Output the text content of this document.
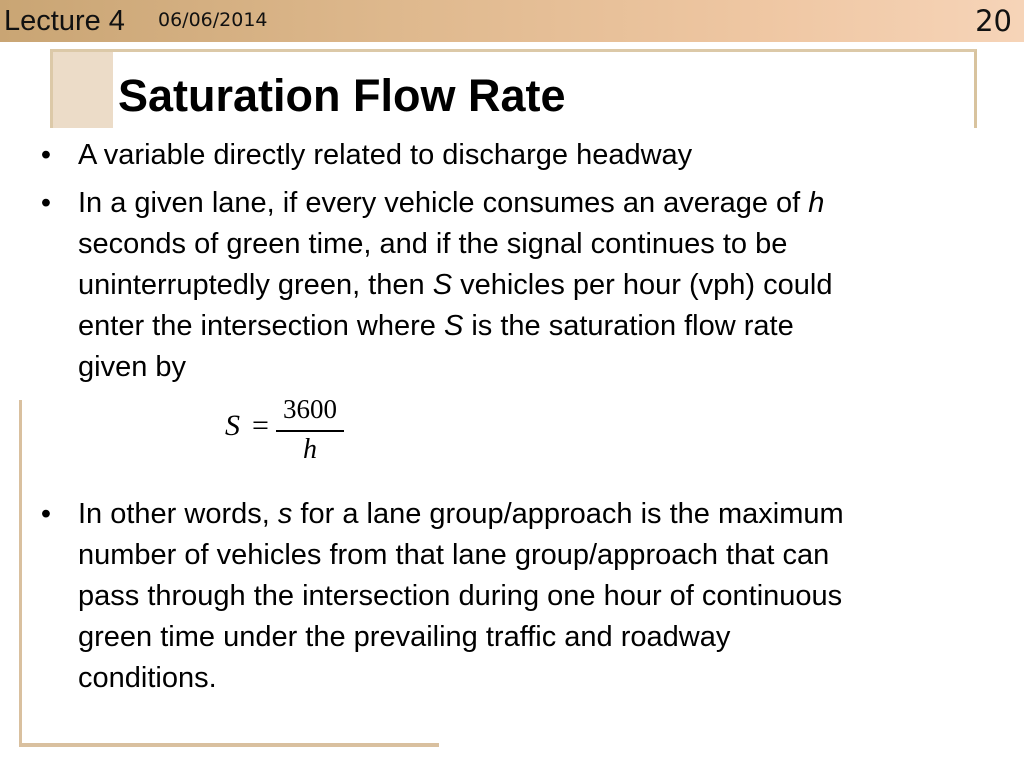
Lecture 4 06/06/2014	20
Saturation Flow Rate
• A variable directly related to discharge headway
• In a given lane, if every vehicle consumes an average of h
seconds of green time, and if the signal continues to be
uninterruptedly green, then S vehicles per hour (vph) could
enter the intersection where S is the saturation flow rate
given by
• In other words, s for a lane group/approach is the maximum
number of vehicles from that lane group/approach that can
pass through the intersection during one hour of continuous
green time under the prevailing traffic and roadway
conditions.
S = 3600
h
